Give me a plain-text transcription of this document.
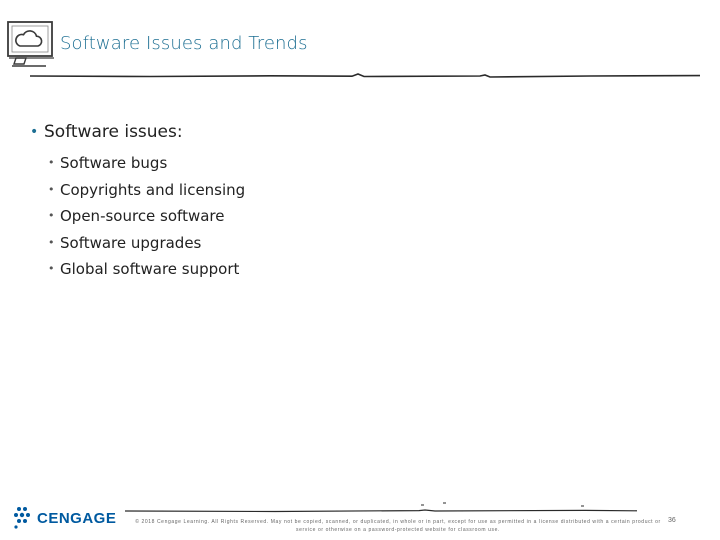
Software Issues and Trends
• Software issues:
• Software bugs
• Copyrights and licensing
• Open-source software
• Software upgrades
• Global software support
CENGAGE	© 2018 Cengage Learning. All Rights Reserved. May not be copied, scanned, or duplicated, in whole or in part, except for use as permitted in a license distributed with a certain product or service or otherwise on a password-protected website for classroom use.
36
